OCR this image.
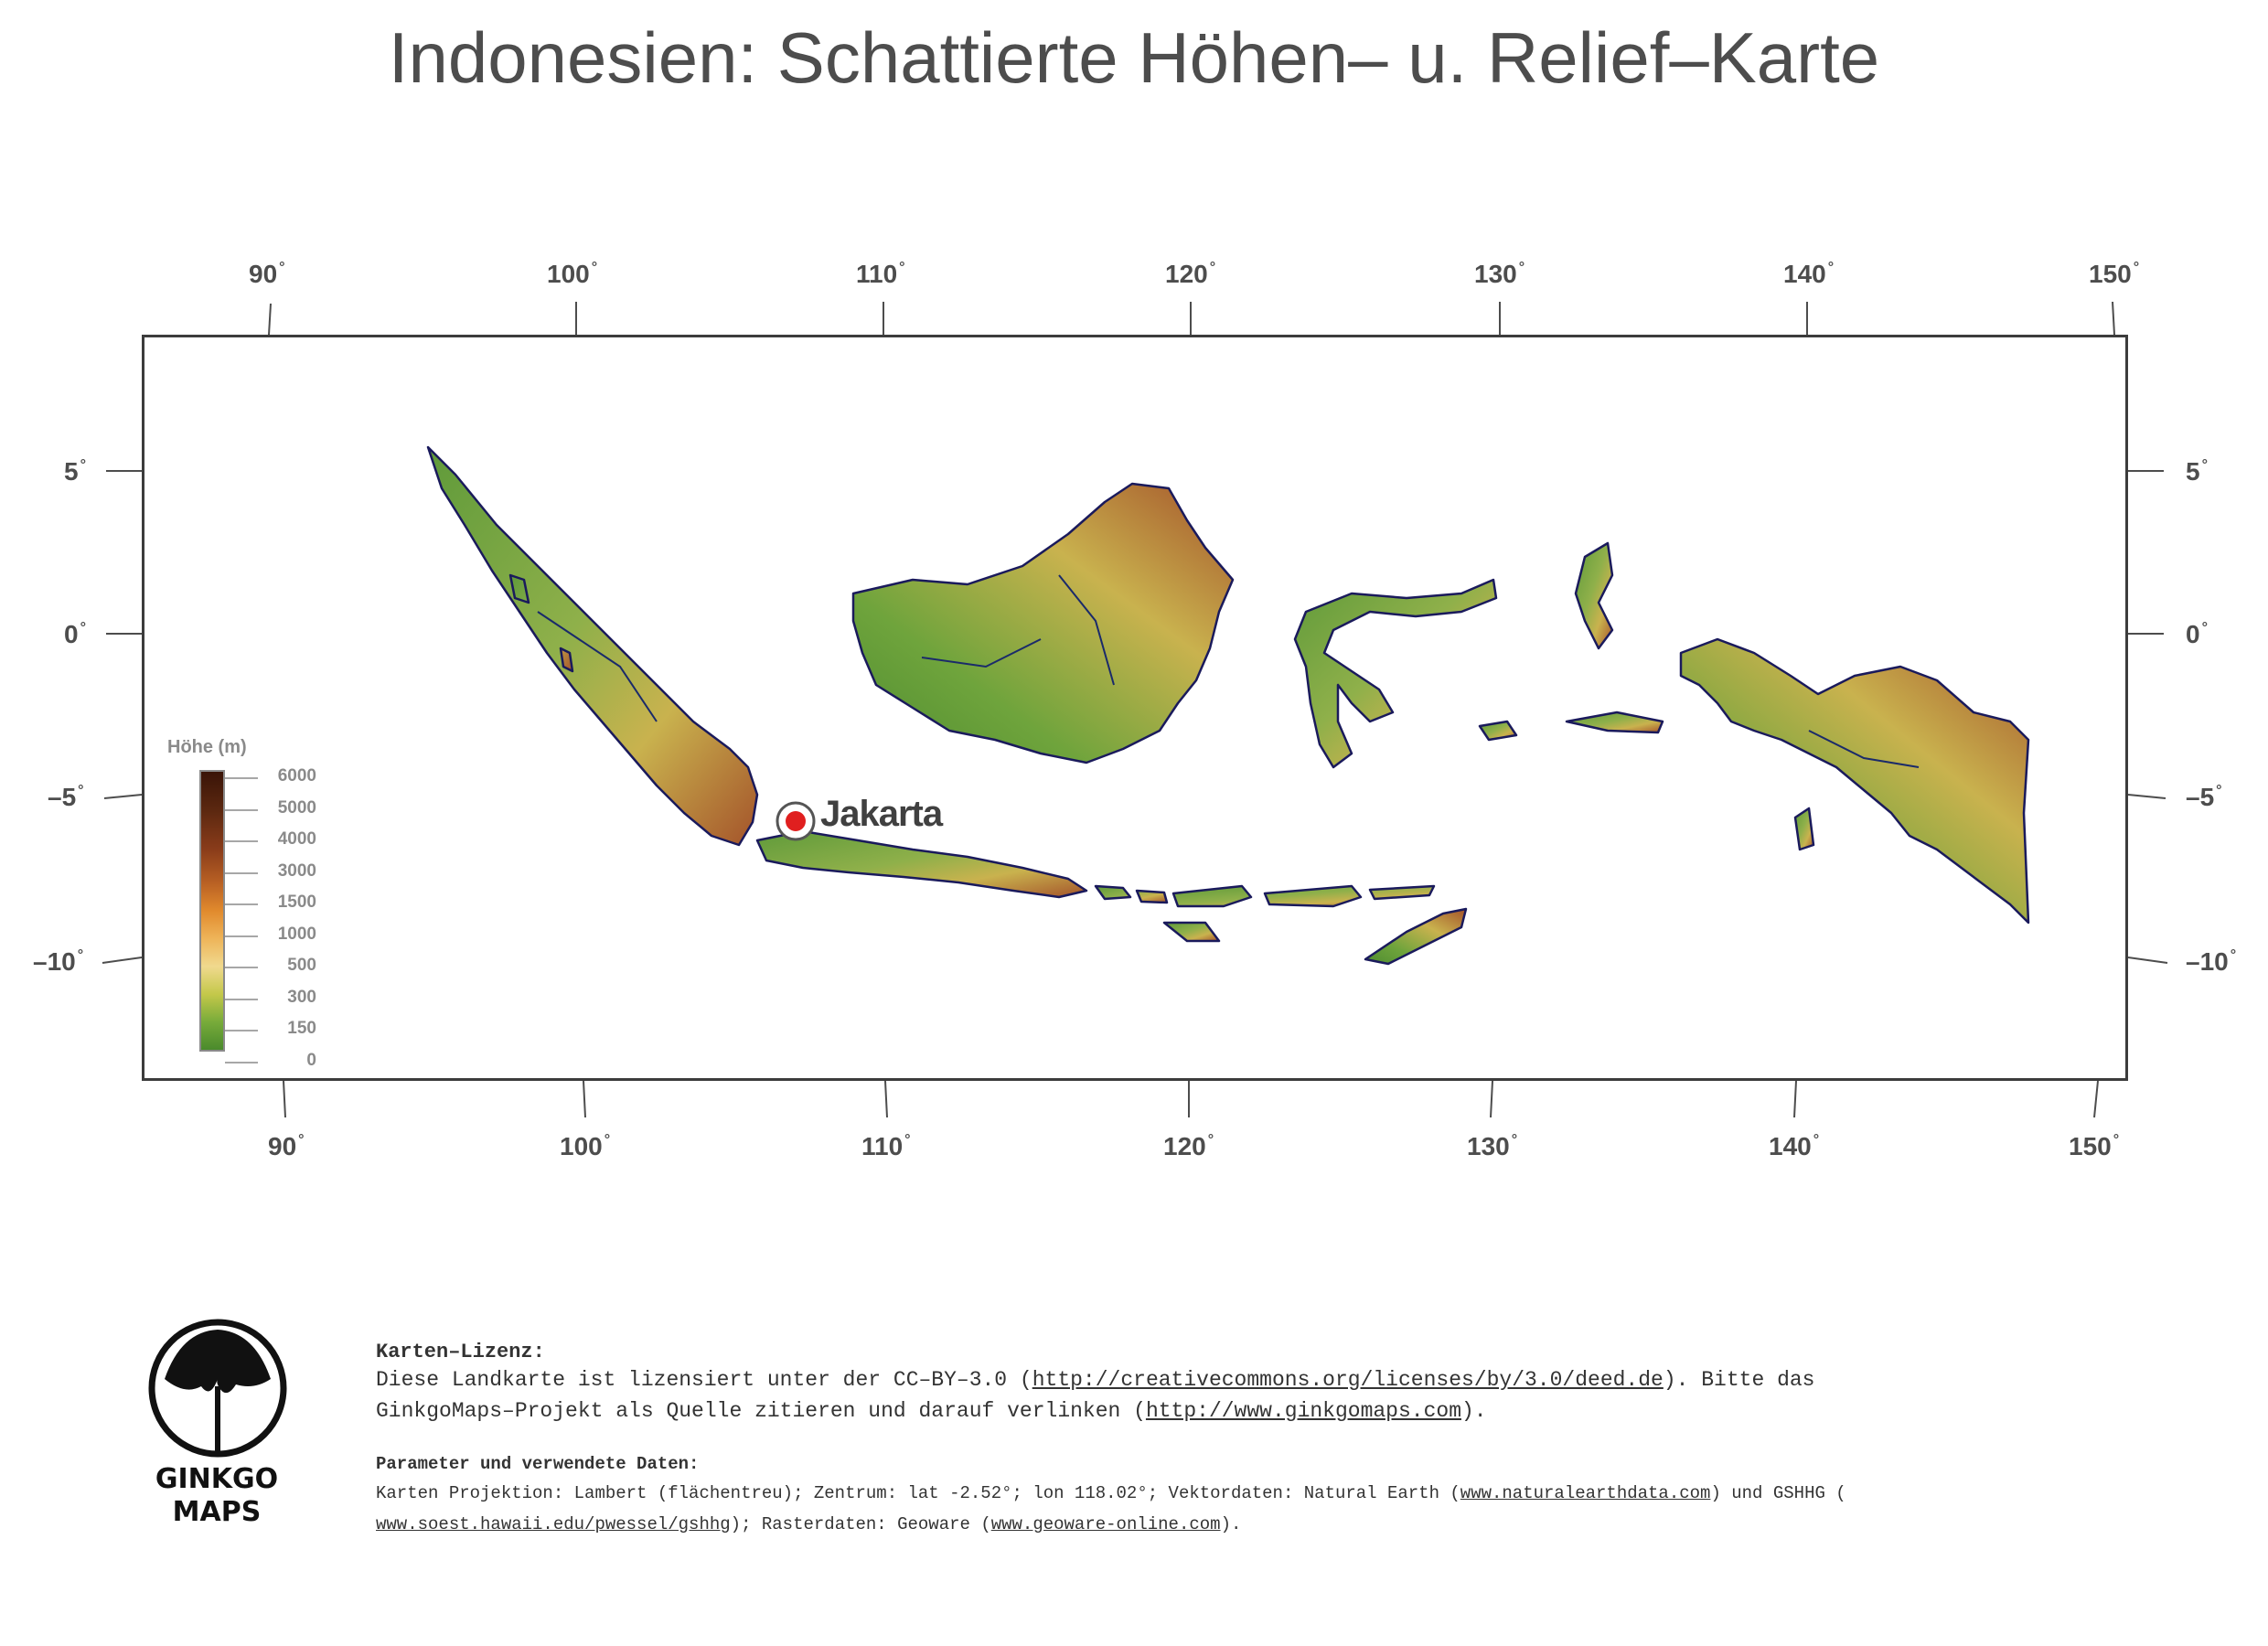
Indonesien: Schattierte Höhen– u. Relief–Karte
90 °	100 °	110 °	120 °	130 °	140 °	150 °
90 °	100 °	110 °	120 °	130 °	140 °	150 °
5 °
0 °
–5 °
–10 °
5 °
0 °
–5 °
–10 °
Jakarta
Höhe (m)
6000
5000
4000
3000
1500
1000
500
300
150
0
GINKGO
MAPS
Karten–Lizenz:
Diese Landkarte ist lizensiert unter der CC–BY–3.0 (http://creativecommons.org/licenses/by/3.0/deed.de). Bitte das
GinkgoMaps–Projekt als Quelle zitieren und darauf verlinken (http://www.ginkgomaps.com).
Parameter und verwendete Daten:
Karten Projektion: Lambert (flächentreu); Zentrum: lat -2.52°; lon 118.02°; Vektordaten: Natural Earth (www.naturalearthdata.com) und GSHHG (
www.soest.hawaii.edu/pwessel/gshhg); Rasterdaten: Geoware (www.geoware-online.com).
